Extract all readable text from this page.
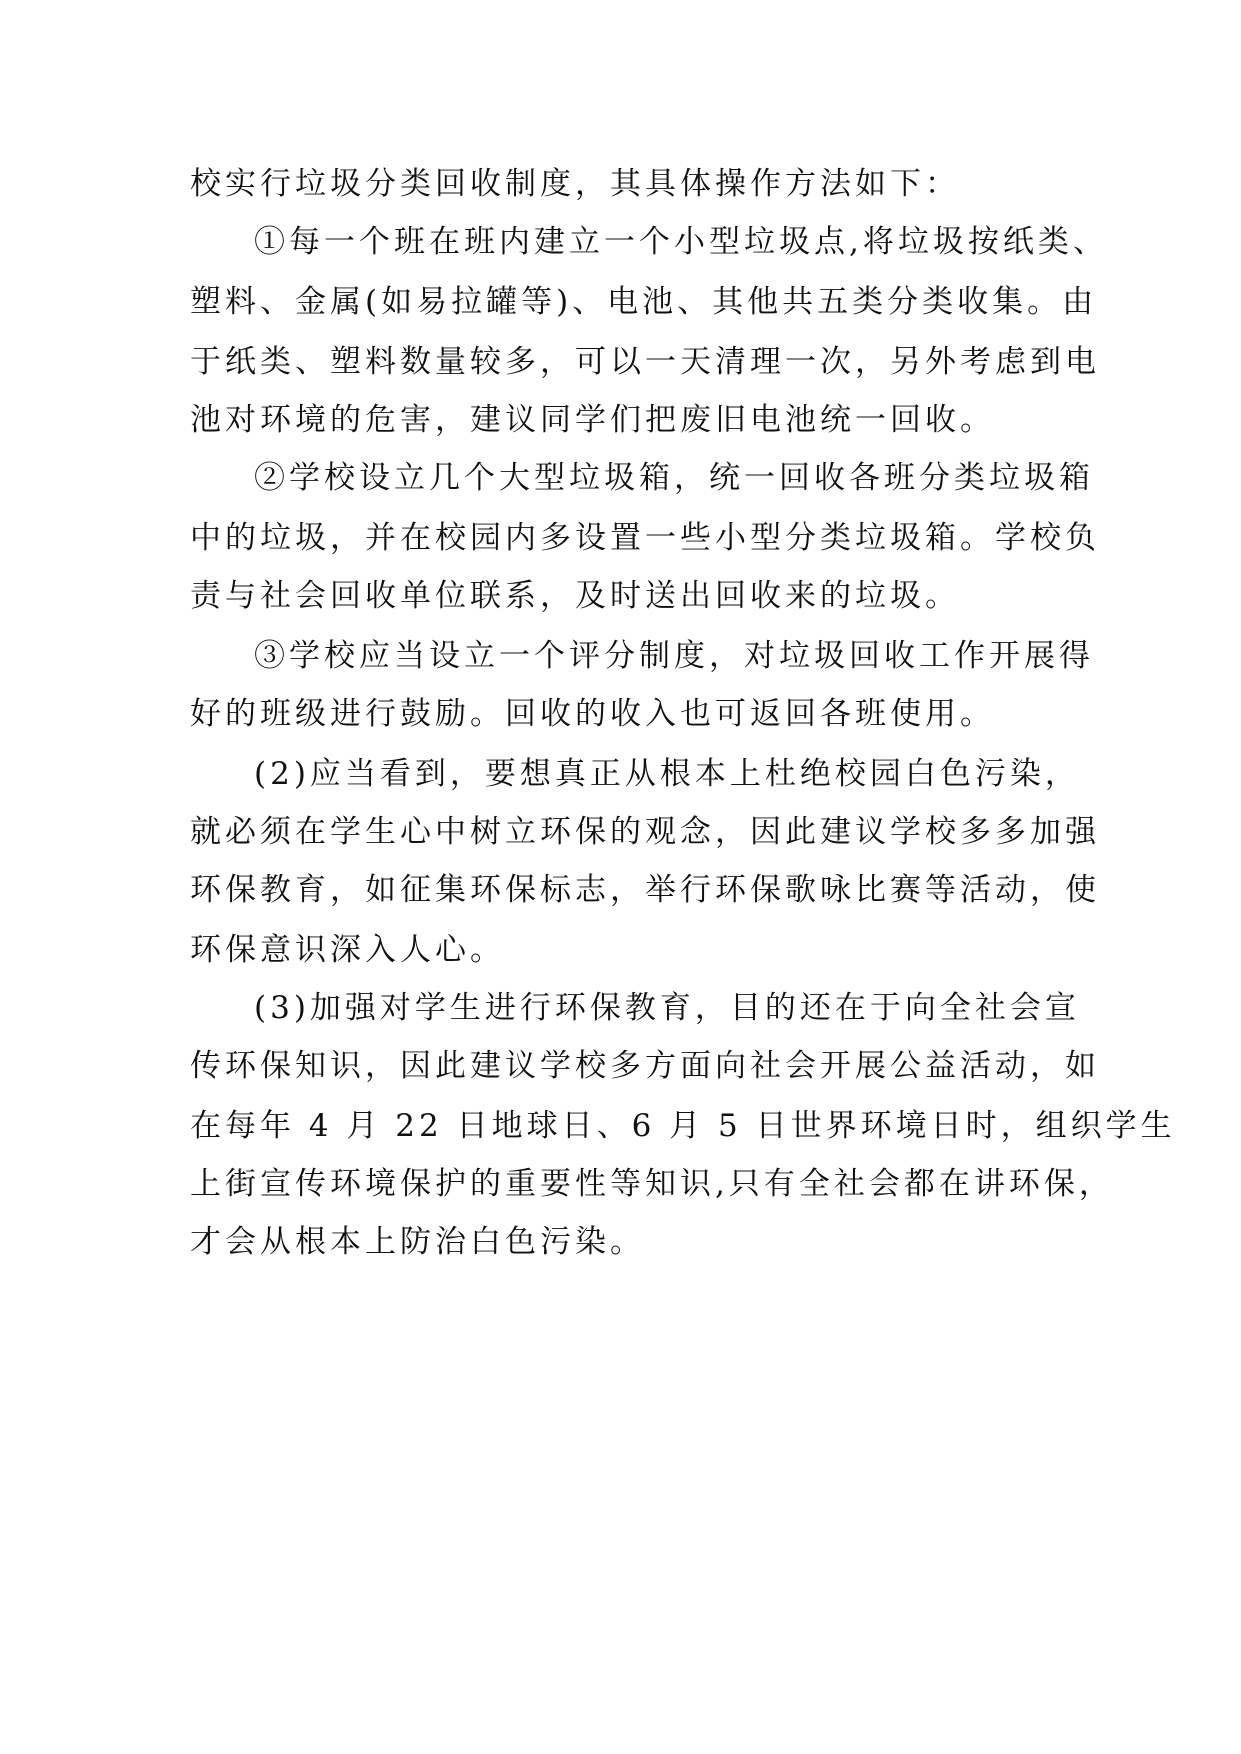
校实行垃圾分类回收制度，其具体操作方法如下：
①每一个班在班内建立一个小型垃圾点,将垃圾按纸类、
塑料、金属(如易拉罐等)、电池、其他共五类分类收集。由
于纸类、塑料数量较多，可以一天清理一次，另外考虑到电
池对环境的危害，建议同学们把废旧电池统一回收。
②学校设立几个大型垃圾箱，统一回收各班分类垃圾箱
中的垃圾，并在校园内多设置一些小型分类垃圾箱。学校负
责与社会回收单位联系，及时送出回收来的垃圾。
③学校应当设立一个评分制度，对垃圾回收工作开展得
好的班级进行鼓励。回收的收入也可返回各班使用。
(2)应当看到，要想真正从根本上杜绝校园白色污染，
就必须在学生心中树立环保的观念，因此建议学校多多加强
环保教育，如征集环保标志，举行环保歌咏比赛等活动，使
环保意识深入人心。
(3)加强对学生进行环保教育，目的还在于向全社会宣
传环保知识，因此建议学校多方面向社会开展公益活动，如
在每年 4 月 22 日地球日、6 月 5 日世界环境日时，组织学生
上街宣传环境保护的重要性等知识,只有全社会都在讲环保，
才会从根本上防治白色污染。
